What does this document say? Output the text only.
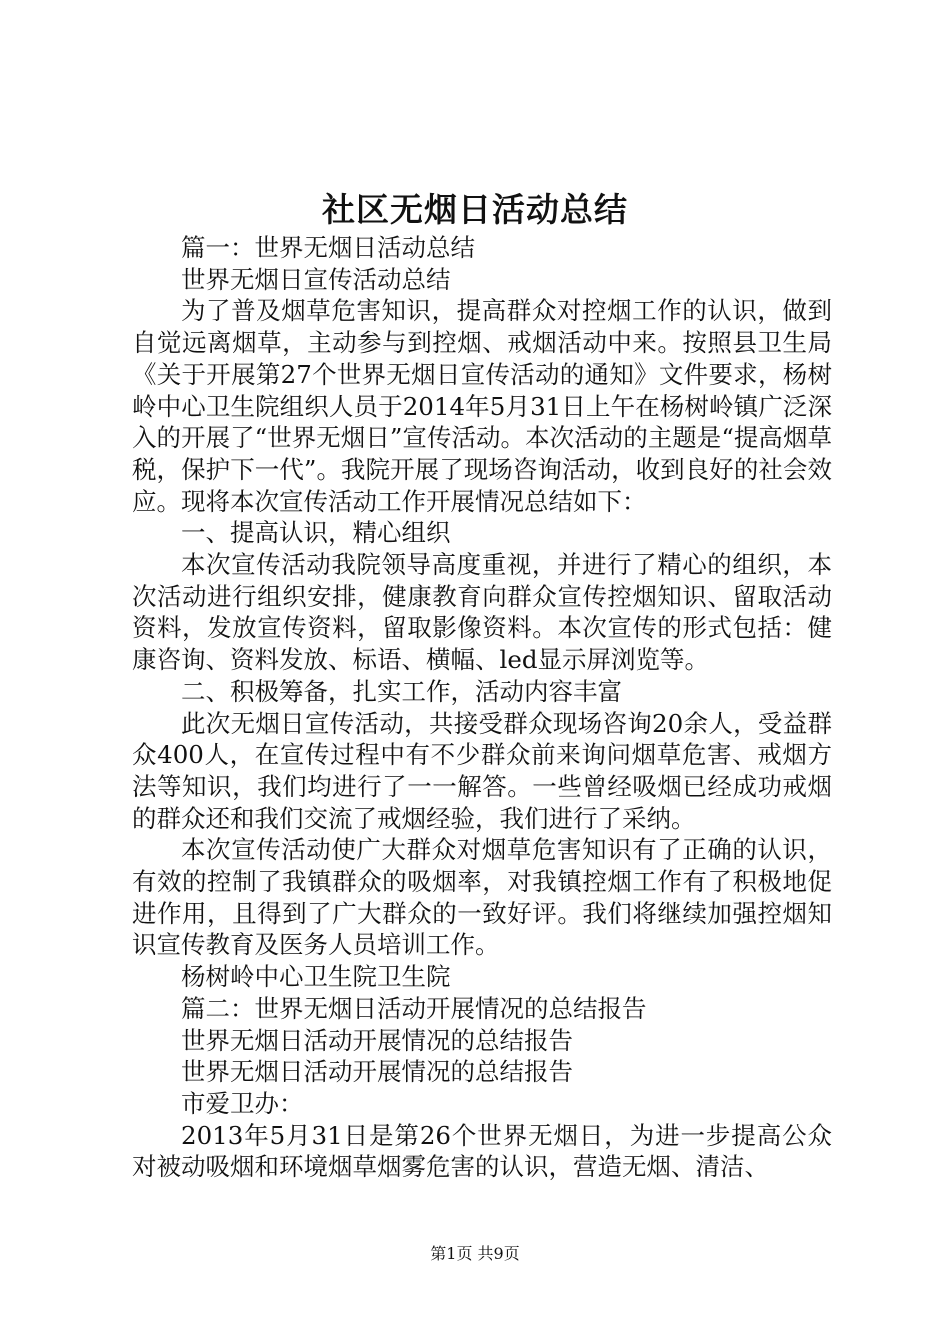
社区无烟日活动总结

篇一：世界无烟日活动总结

世界无烟日宣传活动总结

为了普及烟草危害知识，提高群众对控烟工作的认识，做到自觉远离烟草，主动参与到控烟、戒烟活动中来。按照县卫生局《关于开展第27个世界无烟日宣传活动的通知》文件要求，杨树岭中心卫生院组织人员于2014年5月31日上午在杨树岭镇广泛深入的开展了“世界无烟日”宣传活动。本次活动的主题是“提高烟草税，保护下一代”。我院开展了现场咨询活动，收到良好的社会效应。现将本次宣传活动工作开展情况总结如下：

一、提高认识，精心组织

本次宣传活动我院领导高度重视，并进行了精心的组织，本次活动进行组织安排，健康教育向群众宣传控烟知识、留取活动资料，发放宣传资料，留取影像资料。本次宣传的形式包括：健康咨询、资料发放、标语、横幅、led显示屏浏览等。

二、积极筹备，扎实工作，活动内容丰富

此次无烟日宣传活动，共接受群众现场咨询20余人，受益群众400人，在宣传过程中有不少群众前来询问烟草危害、戒烟方法等知识，我们均进行了一一解答。一些曾经吸烟已经成功戒烟的群众还和我们交流了戒烟经验，我们进行了采纳。

本次宣传活动使广大群众对烟草危害知识有了正确的认识，有效的控制了我镇群众的吸烟率，对我镇控烟工作有了积极地促进作用，且得到了广大群众的一致好评。我们将继续加强控烟知识宣传教育及医务人员培训工作。

杨树岭中心卫生院卫生院

篇二：世界无烟日活动开展情况的总结报告

世界无烟日活动开展情况的总结报告

世界无烟日活动开展情况的总结报告

市爱卫办：

2013年5月31日是第26个世界无烟日，为进一步提高公众对被动吸烟和环境烟草烟雾危害的认识，营造无烟、清洁、

第1页 共9页
